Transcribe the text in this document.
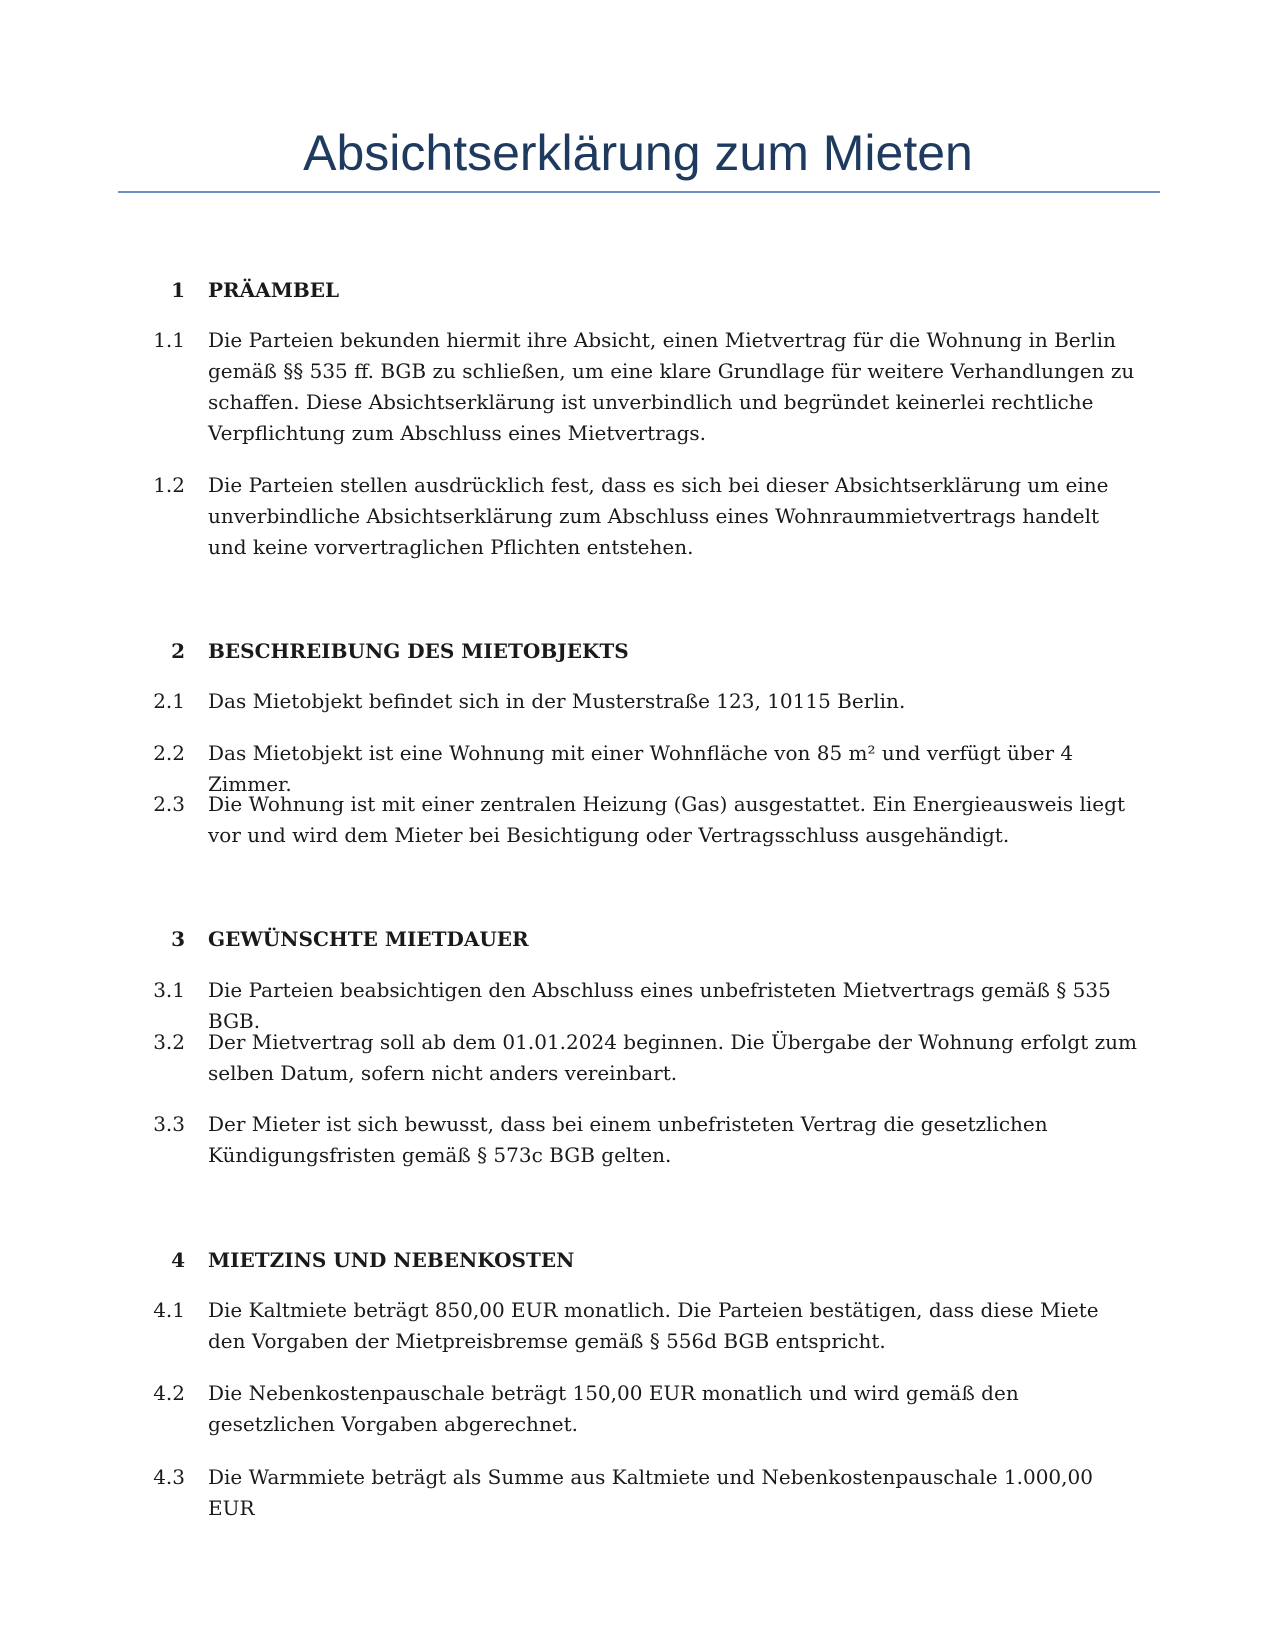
Absichtserklärung zum Mieten
1 PRÄAMBEL
1.1 Die Parteien bekunden hiermit ihre Absicht, einen Mietvertrag für die Wohnung in Berlin gemäß §§ 535 ff. BGB zu schließen, um eine klare Grundlage für weitere Verhandlungen zu schaffen. Diese Absichtserklärung ist unverbindlich und begründet keinerlei rechtliche Verpflichtung zum Abschluss eines Mietvertrags.

1.2 Die Parteien stellen ausdrücklich fest, dass es sich bei dieser Absichtserklärung um eine unverbindliche Absichtserklärung zum Abschluss eines Wohnraummietvertrags handelt und keine vorvertraglichen Pflichten entstehen.

2 BESCHREIBUNG DES MIETOBJEKTS
2.1 Das Mietobjekt befindet sich in der Musterstraße 123, 10115 Berlin.

2.2 Das Mietobjekt ist eine Wohnung mit einer Wohnfläche von 85 m² und verfügt über 4 Zimmer.

2.3 Die Wohnung ist mit einer zentralen Heizung (Gas) ausgestattet. Ein Energieausweis liegt vor und wird dem Mieter bei Besichtigung oder Vertragsschluss ausgehändigt.

3 GEWÜNSCHTE MIETDAUER
3.1 Die Parteien beabsichtigen den Abschluss eines unbefristeten Mietvertrags gemäß § 535 BGB.

3.2 Der Mietvertrag soll ab dem 01.01.2024 beginnen. Die Übergabe der Wohnung erfolgt zum selben Datum, sofern nicht anders vereinbart.

3.3 Der Mieter ist sich bewusst, dass bei einem unbefristeten Vertrag die gesetzlichen Kündigungsfristen gemäß § 573c BGB gelten.

4 MIETZINS UND NEBENKOSTEN
4.1 Die Kaltmiete beträgt 850,00 EUR monatlich. Die Parteien bestätigen, dass diese Miete den Vorgaben der Mietpreisbremse gemäß § 556d BGB entspricht.

4.2 Die Nebenkostenpauschale beträgt 150,00 EUR monatlich und wird gemäß den gesetzlichen Vorgaben abgerechnet.

4.3 Die Warmmiete beträgt als Summe aus Kaltmiete und Nebenkostenpauschale 1.000,00 EUR
